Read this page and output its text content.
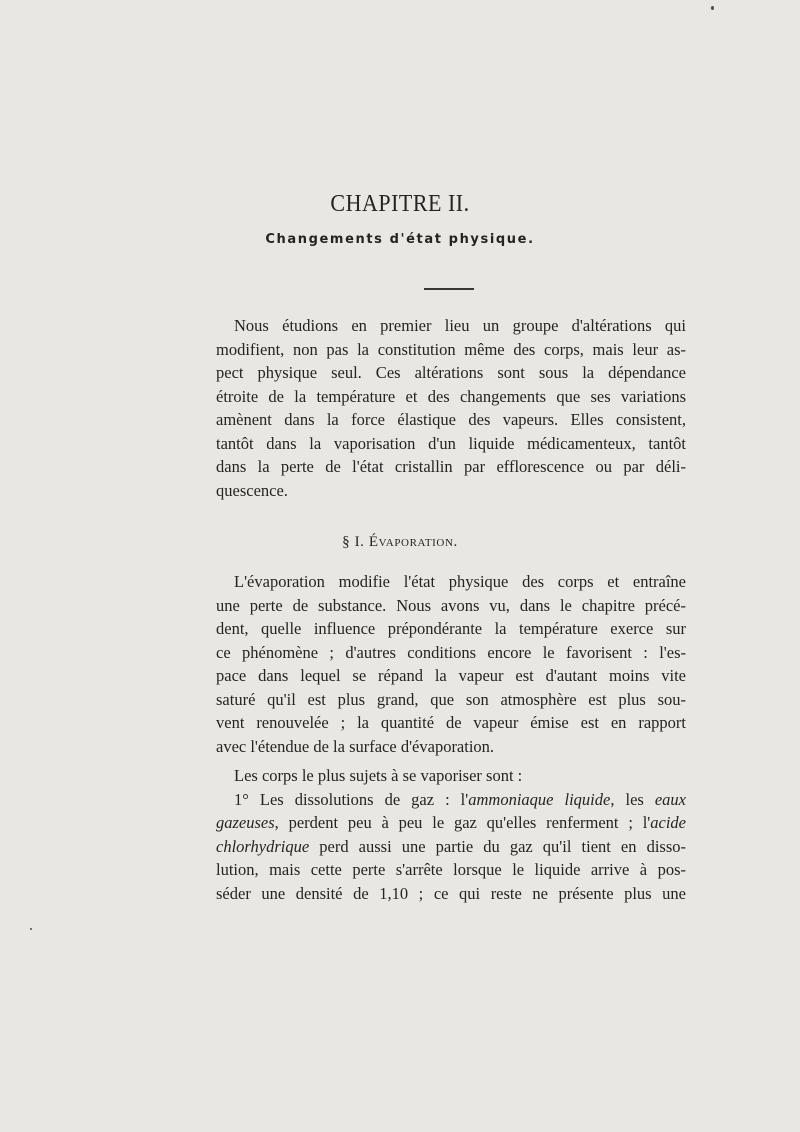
CHAPITRE II.
Changements d'état physique.

Nous étudions en premier lieu un groupe d'altérations qui
modifient, non pas la constitution même des corps, mais leur as-
pect physique seul. Ces altérations sont sous la dépendance
étroite de la température et des changements que ses variations
amènent dans la force élastique des vapeurs. Elles consistent,
tantôt dans la vaporisation d'un liquide médicamenteux, tantôt
dans la perte de l'état cristallin par efflorescence ou par déli-
quescence.

§ I. Évaporation.

L'évaporation modifie l'état physique des corps et entraîne
une perte de substance. Nous avons vu, dans le chapitre précé-
dent, quelle influence prépondérante la température exerce sur
ce phénomène ; d'autres conditions encore le favorisent : l'es-
pace dans lequel se répand la vapeur est d'autant moins vite
saturé qu'il est plus grand, que son atmosphère est plus sou-
vent renouvelée ; la quantité de vapeur émise est en rapport
avec l'étendue de la surface d'évaporation.

Les corps le plus sujets à se vaporiser sont :
1° Les dissolutions de gaz : l'ammoniaque liquide, les eaux
gazeuses, perdent peu à peu le gaz qu'elles renferment ; l'acide
chlorhydrique perd aussi une partie du gaz qu'il tient en disso-
lution, mais cette perte s'arrête lorsque le liquide arrive à pos-
séder une densité de 1,10 ; ce qui reste ne présente plus une
